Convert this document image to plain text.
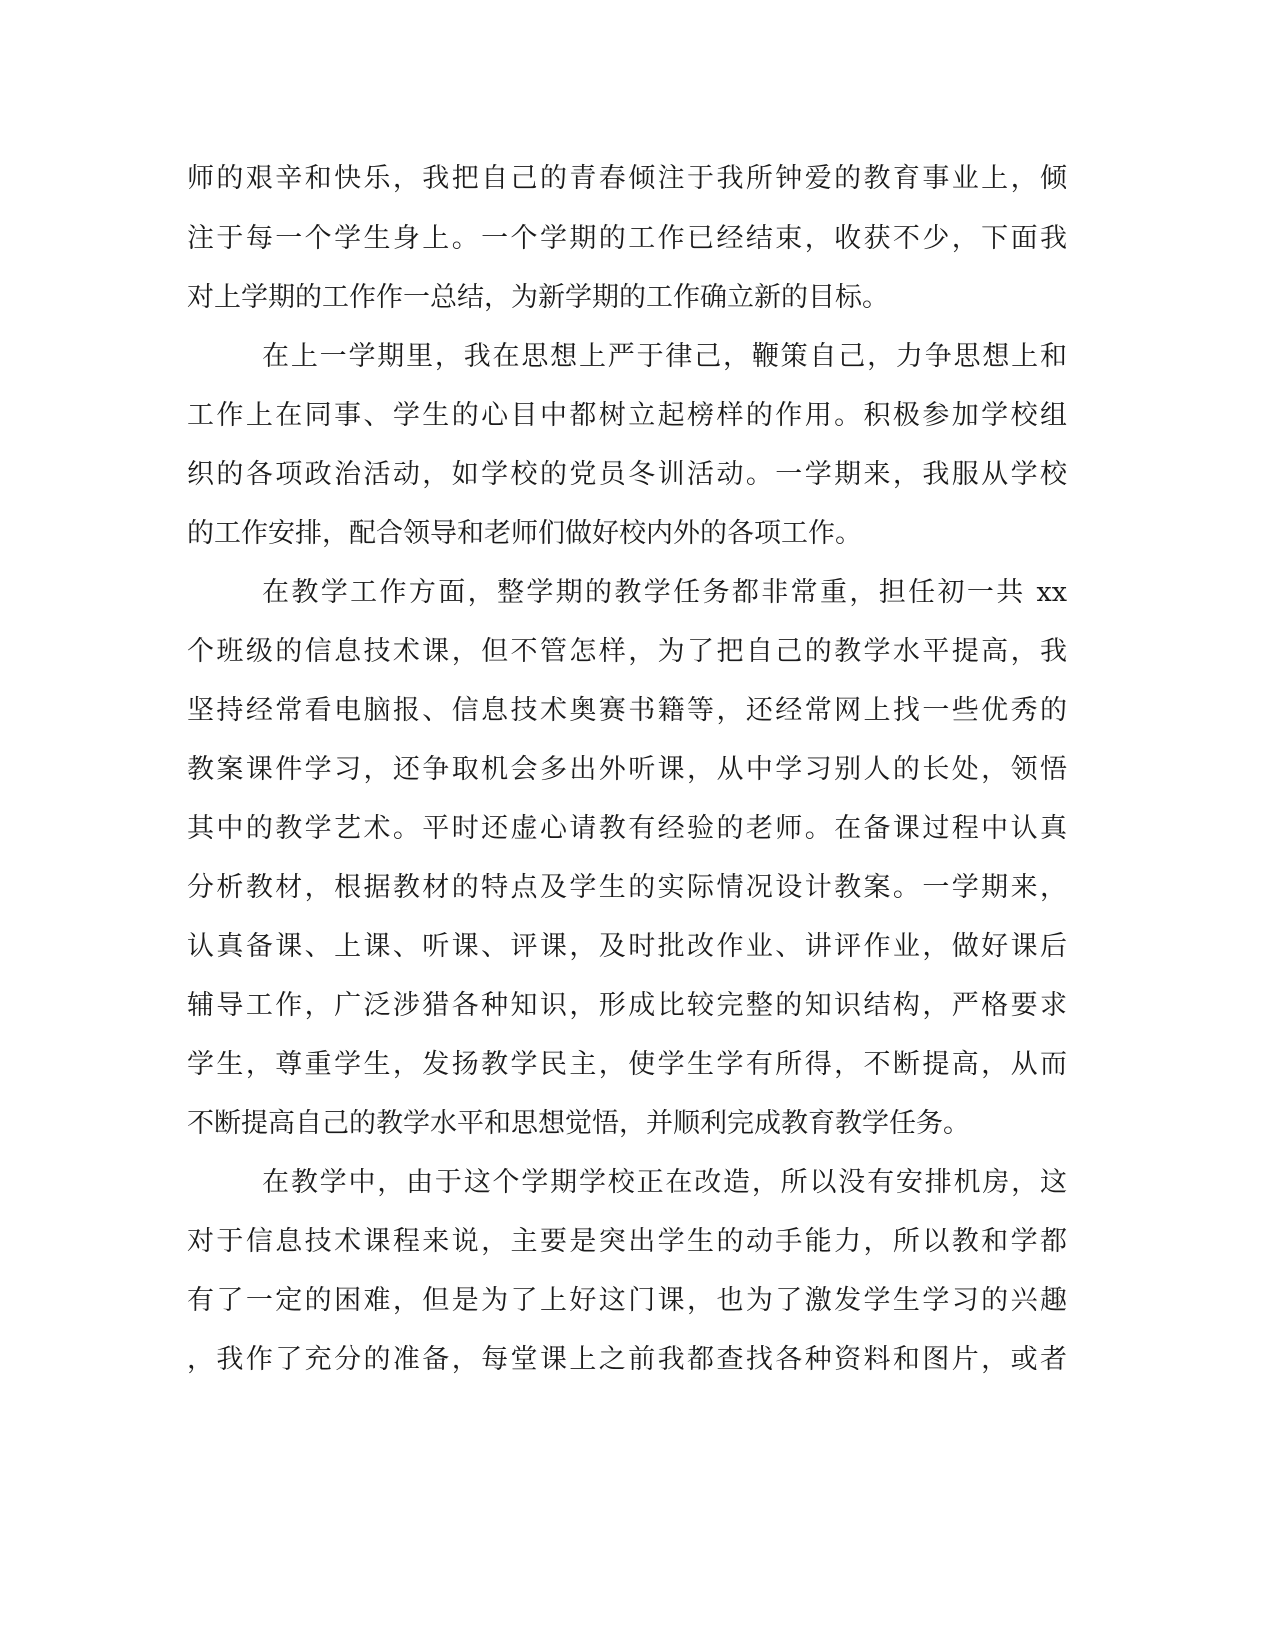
师的艰辛和快乐，我把自己的青春倾注于我所钟爱的教育事业上，倾
注于每一个学生身上。一个学期的工作已经结束，收获不少，下面我
对上学期的工作作一总结，为新学期的工作确立新的目标。
在上一学期里，我在思想上严于律己，鞭策自己，力争思想上和
工作上在同事、学生的心目中都树立起榜样的作用。积极参加学校组
织的各项政治活动，如学校的党员冬训活动。一学期来，我服从学校
的工作安排，配合领导和老师们做好校内外的各项工作。
在教学工作方面，整学期的教学任务都非常重，担任初一共 xx
个班级的信息技术课，但不管怎样，为了把自己的教学水平提高，我
坚持经常看电脑报、信息技术奥赛书籍等，还经常网上找一些优秀的
教案课件学习，还争取机会多出外听课，从中学习别人的长处，领悟
其中的教学艺术。平时还虚心请教有经验的老师。在备课过程中认真
分析教材，根据教材的特点及学生的实际情况设计教案。一学期来，
认真备课、上课、听课、评课，及时批改作业、讲评作业，做好课后
辅导工作，广泛涉猎各种知识，形成比较完整的知识结构，严格要求
学生，尊重学生，发扬教学民主，使学生学有所得，不断提高，从而
不断提高自己的教学水平和思想觉悟，并顺利完成教育教学任务。
在教学中，由于这个学期学校正在改造，所以没有安排机房，这
对于信息技术课程来说，主要是突出学生的动手能力，所以教和学都
有了一定的困难，但是为了上好这门课，也为了激发学生学习的兴趣
，我作了充分的准备，每堂课上之前我都查找各种资料和图片，或者
